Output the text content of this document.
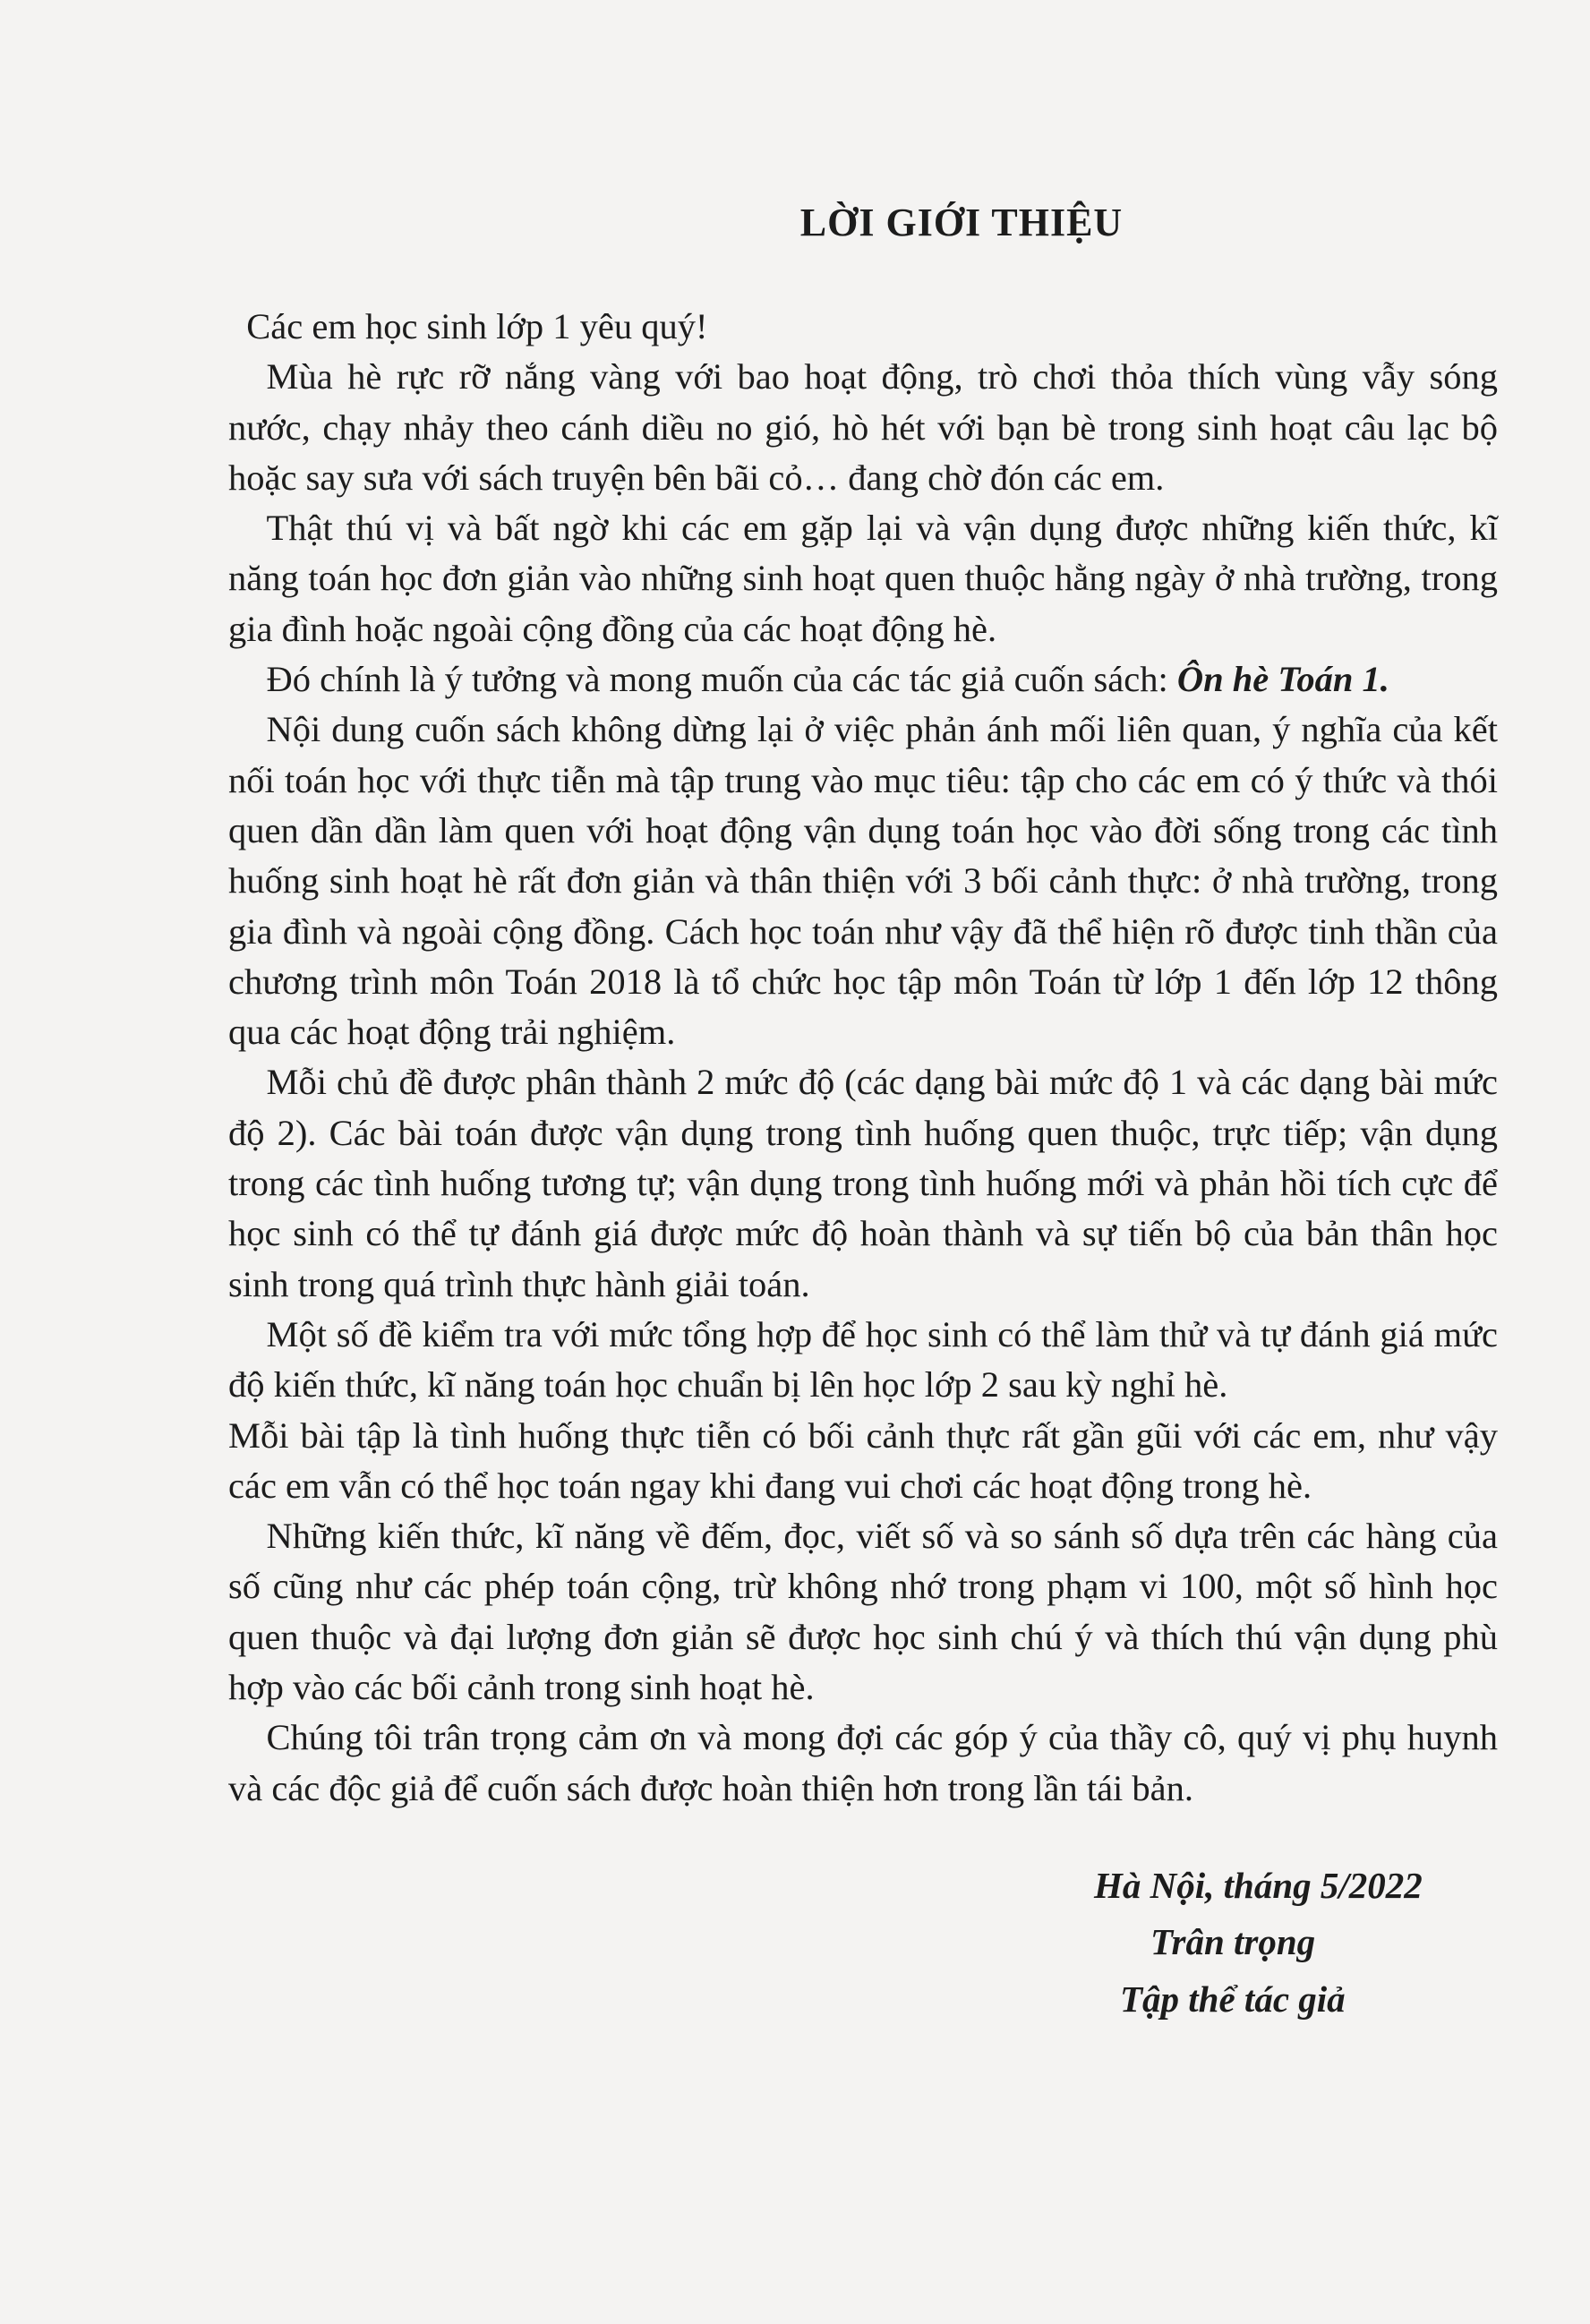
LỜI GIỚI THIỆU

Các em học sinh lớp 1 yêu quý!

Mùa hè rực rỡ nắng vàng với bao hoạt động, trò chơi thỏa thích vùng vẫy sóng nước, chạy nhảy theo cánh diều no gió, hò hét với bạn bè trong sinh hoạt câu lạc bộ hoặc say sưa với sách truyện bên bãi cỏ… đang chờ đón các em.

Thật thú vị và bất ngờ khi các em gặp lại và vận dụng được những kiến thức, kĩ năng toán học đơn giản vào những sinh hoạt quen thuộc hằng ngày ở nhà trường, trong gia đình hoặc ngoài cộng đồng của các hoạt động hè.

Đó chính là ý tưởng và mong muốn của các tác giả cuốn sách: Ôn hè Toán 1.

Nội dung cuốn sách không dừng lại ở việc phản ánh mối liên quan, ý nghĩa của kết nối toán học với thực tiễn mà tập trung vào mục tiêu: tập cho các em có ý thức và thói quen dần dần làm quen với hoạt động vận dụng toán học vào đời sống trong các tình huống sinh hoạt hè rất đơn giản và thân thiện với 3 bối cảnh thực: ở nhà trường, trong gia đình và ngoài cộng đồng. Cách học toán như vậy đã thể hiện rõ được tinh thần của chương trình môn Toán 2018 là tổ chức học tập môn Toán từ lớp 1 đến lớp 12 thông qua các hoạt động trải nghiệm.

Mỗi chủ đề được phân thành 2 mức độ (các dạng bài mức độ 1 và các dạng bài mức độ 2). Các bài toán được vận dụng trong tình huống quen thuộc, trực tiếp; vận dụng trong các tình huống tương tự; vận dụng trong tình huống mới và phản hồi tích cực để học sinh có thể tự đánh giá được mức độ hoàn thành và sự tiến bộ của bản thân học sinh trong quá trình thực hành giải toán.

Một số đề kiểm tra với mức tổng hợp để học sinh có thể làm thử và tự đánh giá mức độ kiến thức, kĩ năng toán học chuẩn bị lên học lớp 2 sau kỳ nghỉ hè.

Mỗi bài tập là tình huống thực tiễn có bối cảnh thực rất gần gũi với các em, như vậy các em vẫn có thể học toán ngay khi đang vui chơi các hoạt động trong hè.

Những kiến thức, kĩ năng về đếm, đọc, viết số và so sánh số dựa trên các hàng của số cũng như các phép toán cộng, trừ không nhớ trong phạm vi 100, một số hình học quen thuộc và đại lượng đơn giản sẽ được học sinh chú ý và thích thú vận dụng phù hợp vào các bối cảnh trong sinh hoạt hè.

Chúng tôi trân trọng cảm ơn và mong đợi các góp ý của thầy cô, quý vị phụ huynh và các độc giả để cuốn sách được hoàn thiện hơn trong lần tái bản.

Hà Nội, tháng 5/2022
Trân trọng
Tập thể tác giả
